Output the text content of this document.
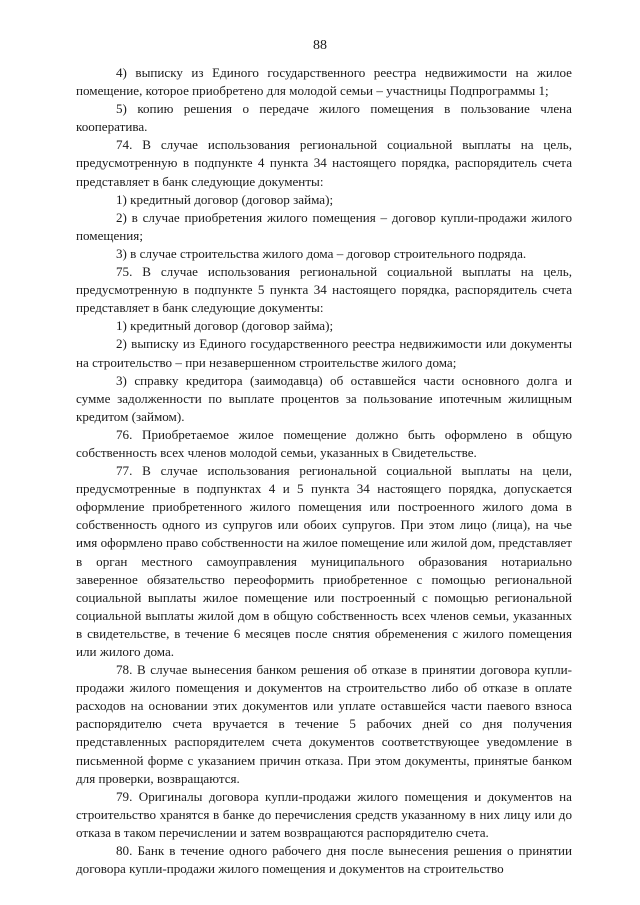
88

4) выписку из Единого государственного реестра недвижимости на жилое помещение, которое приобретено для молодой семьи – участницы Подпрограммы 1;

5) копию решения о передаче жилого помещения в пользование члена кооператива.

74. В случае использования региональной социальной выплаты на цель, предусмотренную в подпункте 4 пункта 34 настоящего порядка, распорядитель счета представляет в банк следующие документы:

1) кредитный договор (договор займа);

2) в случае приобретения жилого помещения – договор купли-продажи жилого помещения;

3) в случае строительства жилого дома – договор строительного подряда.

75. В случае использования региональной социальной выплаты на цель, предусмотренную в подпункте 5 пункта 34 настоящего порядка, распорядитель счета представляет в банк следующие документы:

1) кредитный договор (договор займа);

2) выписку из Единого государственного реестра недвижимости или документы на строительство – при незавершенном строительстве жилого дома;

3) справку кредитора (заимодавца) об оставшейся части основного долга и сумме задолженности по выплате процентов за пользование ипотечным жилищным кредитом (займом).

76. Приобретаемое жилое помещение должно быть оформлено в общую собственность всех членов молодой семьи, указанных в Свидетельстве.

77. В случае использования региональной социальной выплаты на цели, предусмотренные в подпунктах 4 и 5 пункта 34 настоящего порядка, допускается оформление приобретенного жилого помещения или построенного жилого дома в собственность одного из супругов или обоих супругов. При этом лицо (лица), на чье имя оформлено право собственности на жилое помещение или жилой дом, представляет в орган местного самоуправления муниципального образования нотариально заверенное обязательство переоформить приобретенное с помощью региональной социальной выплаты жилое помещение или построенный с помощью региональной социальной выплаты жилой дом в общую собственность всех членов семьи, указанных в свидетельстве, в течение 6 месяцев после снятия обременения с жилого помещения или жилого дома.

78. В случае вынесения банком решения об отказе в принятии договора купли-продажи жилого помещения и документов на строительство либо об отказе в оплате расходов на основании этих документов или уплате оставшейся части паевого взноса распорядителю счета вручается в течение 5 рабочих дней со дня получения представленных распорядителем счета документов соответствующее уведомление в письменной форме с указанием причин отказа. При этом документы, принятые банком для проверки, возвращаются.

79. Оригиналы договора купли-продажи жилого помещения и документов на строительство хранятся в банке до перечисления средств указанному в них лицу или до отказа в таком перечислении и затем возвращаются распорядителю счета.

80. Банк в течение одного рабочего дня после вынесения решения о принятии договора купли-продажи жилого помещения и документов на строительство
